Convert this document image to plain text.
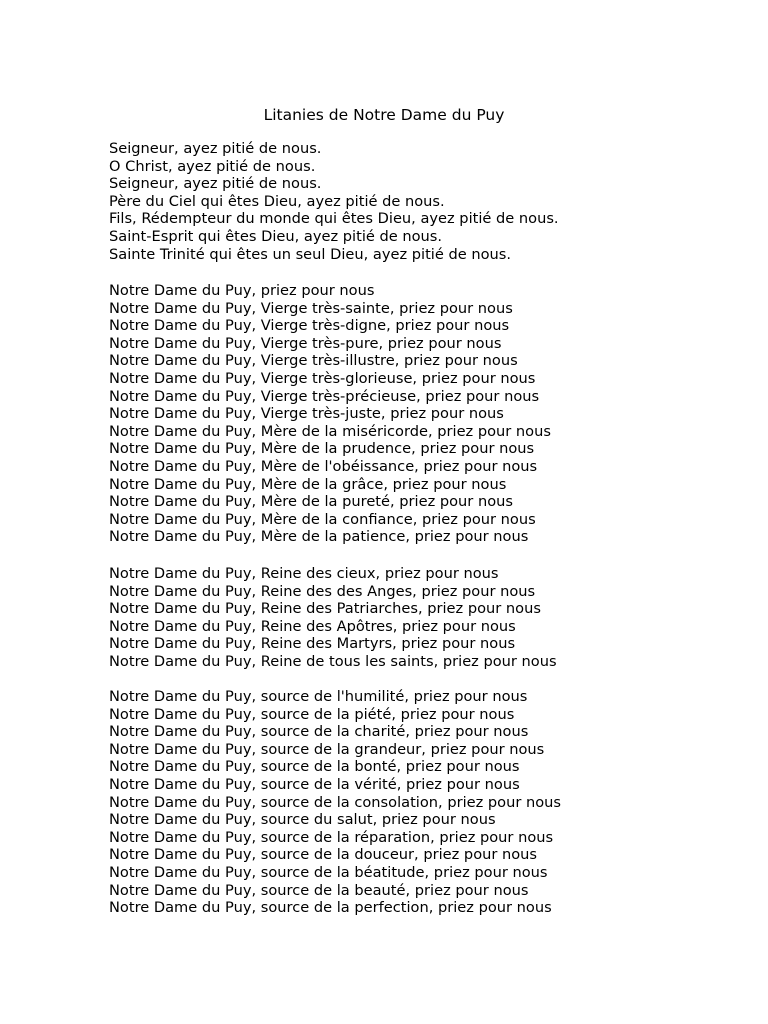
Litanies de Notre Dame du Puy
Seigneur, ayez pitié de nous.
O Christ, ayez pitié de nous.
Seigneur, ayez pitié de nous.
Père du Ciel qui êtes Dieu, ayez pitié de nous.
Fils, Rédempteur du monde qui êtes Dieu, ayez pitié de nous.
Saint-Esprit qui êtes Dieu, ayez pitié de nous.
Sainte Trinité qui êtes un seul Dieu, ayez pitié de nous.
Notre Dame du Puy, priez pour nous
Notre Dame du Puy, Vierge très-sainte, priez pour nous
Notre Dame du Puy, Vierge très-digne, priez pour nous
Notre Dame du Puy, Vierge très-pure, priez pour nous
Notre Dame du Puy, Vierge très-illustre, priez pour nous
Notre Dame du Puy, Vierge très-glorieuse, priez pour nous
Notre Dame du Puy, Vierge très-précieuse, priez pour nous
Notre Dame du Puy, Vierge très-juste, priez pour nous
Notre Dame du Puy, Mère de la miséricorde, priez pour nous
Notre Dame du Puy, Mère de la prudence, priez pour nous
Notre Dame du Puy, Mère de l'obéissance, priez pour nous
Notre Dame du Puy, Mère de la grâce, priez pour nous
Notre Dame du Puy, Mère de la pureté, priez pour nous
Notre Dame du Puy, Mère de la confiance, priez pour nous
Notre Dame du Puy, Mère de la patience, priez pour nous
Notre Dame du Puy, Reine des cieux, priez pour nous
Notre Dame du Puy, Reine des des Anges, priez pour nous
Notre Dame du Puy, Reine des Patriarches, priez pour nous
Notre Dame du Puy, Reine des Apôtres, priez pour nous
Notre Dame du Puy, Reine des Martyrs, priez pour nous
Notre Dame du Puy, Reine de tous les saints, priez pour nous
Notre Dame du Puy, source de l'humilité, priez pour nous
Notre Dame du Puy, source de la piété, priez pour nous
Notre Dame du Puy, source de la charité, priez pour nous
Notre Dame du Puy, source de la grandeur, priez pour nous
Notre Dame du Puy, source de la bonté, priez pour nous
Notre Dame du Puy, source de la vérité, priez pour nous
Notre Dame du Puy, source de la consolation, priez pour nous
Notre Dame du Puy, source du salut, priez pour nous
Notre Dame du Puy, source de la réparation, priez pour nous
Notre Dame du Puy, source de la douceur, priez pour nous
Notre Dame du Puy, source de la béatitude, priez pour nous
Notre Dame du Puy, source de la beauté, priez pour nous
Notre Dame du Puy, source de la perfection, priez pour nous
